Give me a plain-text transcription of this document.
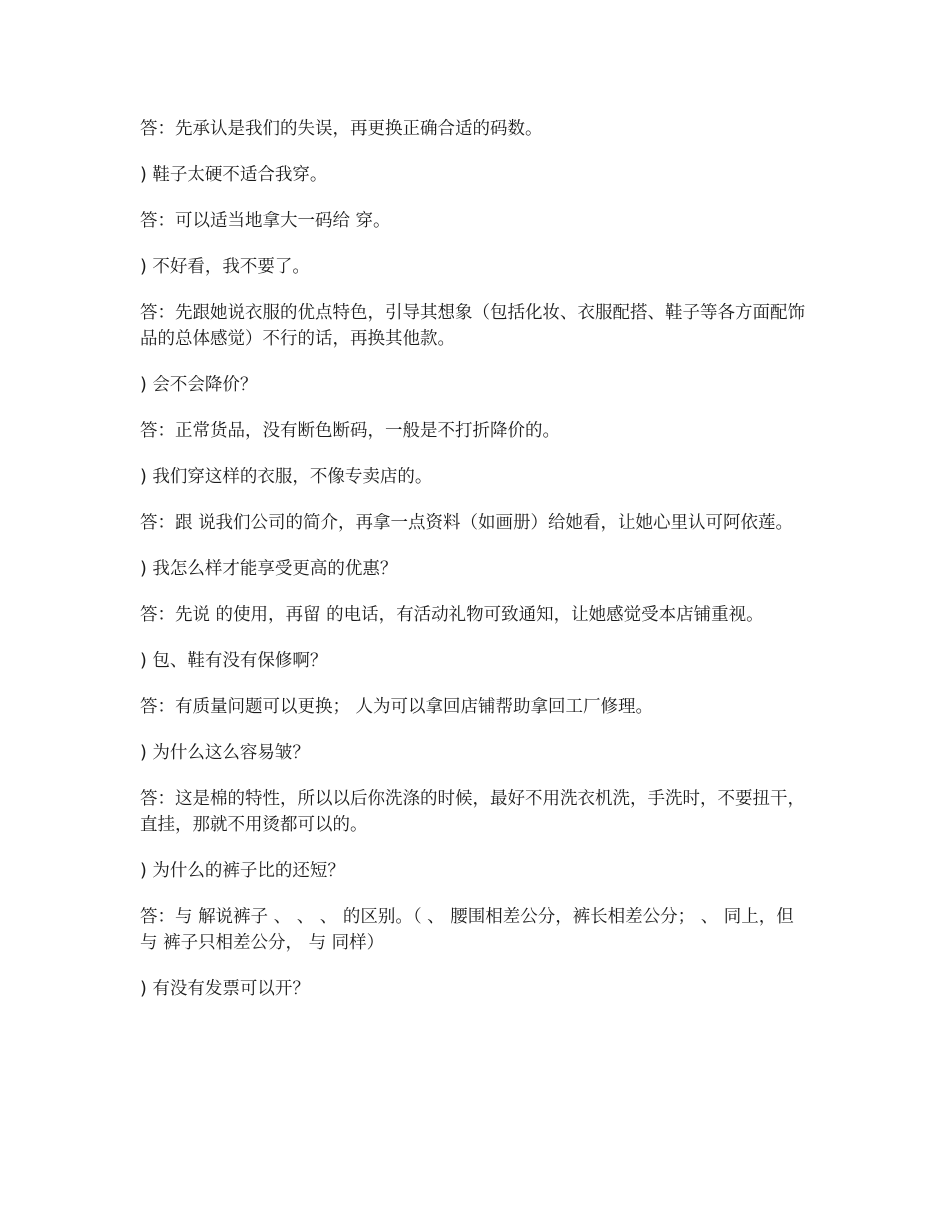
答：先承认是我们的失误，再更换正确合适的码数。

) 鞋子太硬不适合我穿。

答：可以适当地拿大一码给 穿。

) 不好看，我不要了。

答：先跟她说衣服的优点特色，引导其想象（包括化妆、衣服配搭、鞋子等各方面配饰品的总体感觉）不行的话，再换其他款。

) 会不会降价？

答：正常货品，没有断色断码，一般是不打折降价的。

) 我们穿这样的衣服，不像专卖店的。

答：跟 说我们公司的简介，再拿一点资料（如画册）给她看，让她心里认可阿依莲。

) 我怎么样才能享受更高的优惠？

答：先说 的使用，再留 的电话，有活动礼物可致通知，让她感觉受本店铺重视。

) 包、鞋有没有保修啊？

答：有质量问题可以更换； 人为可以拿回店铺帮助拿回工厂修理。

) 为什么这么容易皱？

答：这是棉的特性，所以以后你洗涤的时候，最好不用洗衣机洗，手洗时，不要扭干，直挂，那就不用烫都可以的。

) 为什么的裤子比的还短？

答：与 解说裤子 、 、 、 的区别。（ 、 腰围相差公分，裤长相差公分； 、 同上，但 与 裤子只相差公分， 与 同样）

) 有没有发票可以开？
